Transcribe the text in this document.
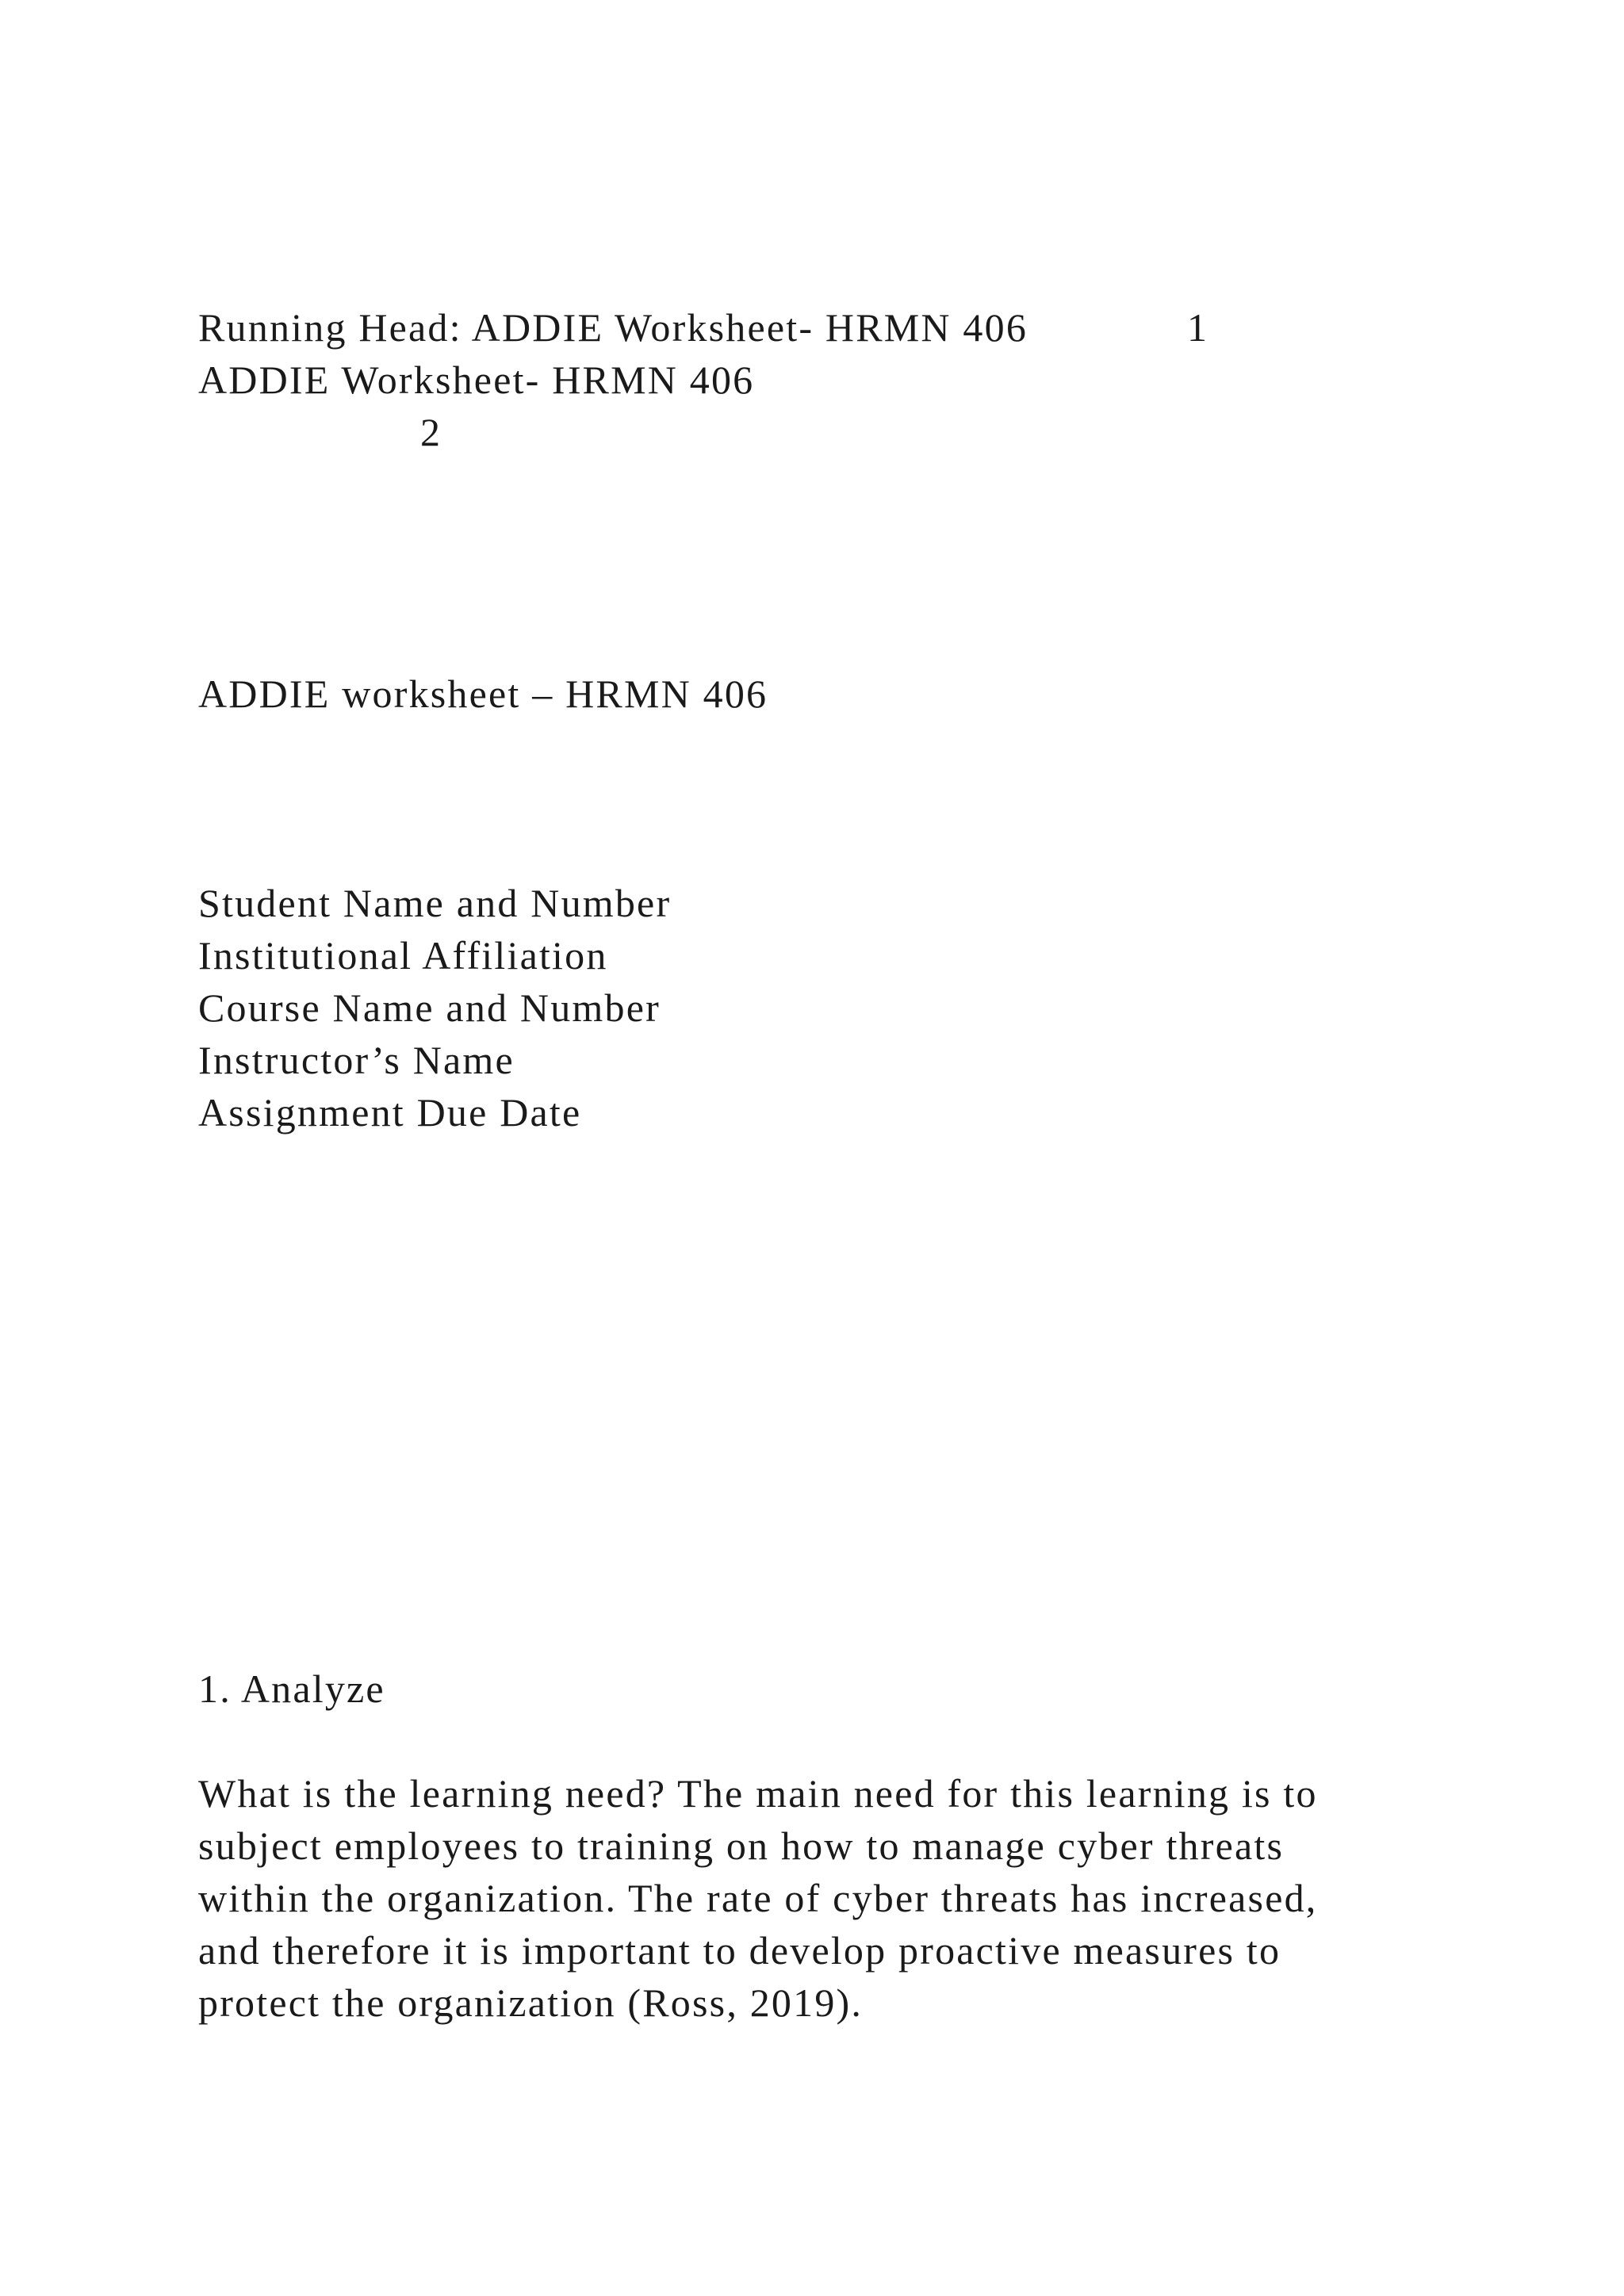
Running Head: ADDIE Worksheet- HRMN 406	1
ADDIE Worksheet- HRMN 406
2
ADDIE worksheet – HRMN 406
Student Name and Number
Institutional Affiliation
Course Name and Number
Instructor’s Name
Assignment Due Date
1. Analyze
What is the learning need? The main need for this learning is to
subject employees to training on how to manage cyber threats
within the organization. The rate of cyber threats has increased,
and therefore it is important to develop proactive measures to
protect the organization (Ross, 2019).
